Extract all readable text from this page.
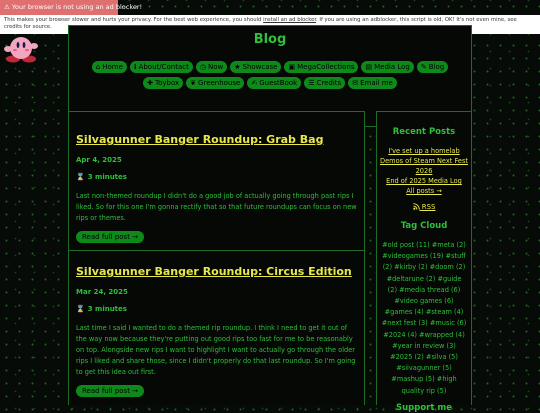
⚠ Your browser is not using an ad blocker!
This makes your browser slower and hurts your privacy. For the best web experience, you should install an ad blocker. If you are using an adblocker, this script is old, OK! It's not even mine, see credits for source.
Blog
⌂ Home ℹ About/Contact ◷ Now ★ Showcase ▣ MegaCollections ▤ Media Log ✎ Blog
✚ Toybox ❦ Greenhouse ✍ GuestBook ☰ Credits ✉ Email me
SiIvagunner Banger Roundup: Grab Bag
Apr 4, 2025
⌛ 3 minutes
Last non-themed roundup I didn't do a good job of actually going through past rips I liked. So for this one I'm gonna rectify that so that future roundups can focus on new rips or themes.
Read full post →
SiIvagunner Banger Roundup: Circus Edition
Mar 24, 2025
⌛ 3 minutes
Last time I said I wanted to do a themed rip roundup. I think I need to get it out of the way now because they're putting out good rips too fast for me to be reasonably on top. Alongside new rips I want to highlight I want to actually go through the older rips I liked and share those, since I didn't properly do that last roundup. So I'm going to get this idea out first.
Read full post →
Recent Posts
I've set up a homelab
Demos of Steam Next Fest 2026
End of 2025 Media Log
All posts →
RSS
Tag Cloud
#old post (11) #meta (2) #videogames (19) #stuff (2) #kirby (2) #doom (2) #deltarune (2) #guide (2) #media thread (6) #video games (6) #games (4) #steam (4) #next fest (3) #music (6) #2024 (4) #wrapped (4) #year in review (3) #2025 (2) #silva (5) #siivagunner (5) #mashup (5) #high quality rip (5)
Support me
